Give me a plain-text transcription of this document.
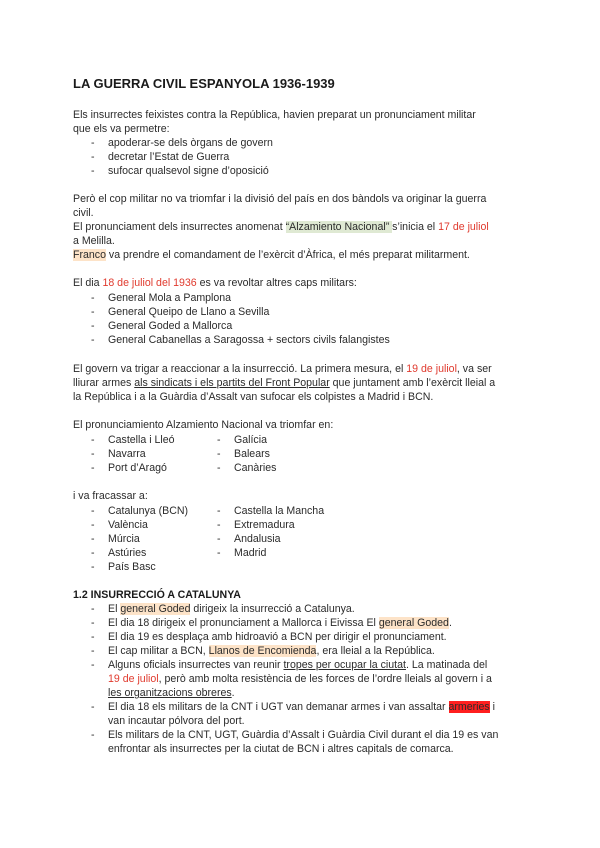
LA GUERRA CIVIL ESPANYOLA 1936-1939

Els insurrectes feixistes contra la República, havien preparat un pronunciament militar

que els va permetre:

- apoderar-se dels òrgans de govern
- decretar l’Estat de Guerra
- sufocar qualsevol signe d’oposició

Però el cop militar no va triomfar i la divisió del país en dos bàndols va originar la guerra

civil.

El pronunciament dels insurrectes anomenat “Alzamiento Nacional” s’inicia el 17 de juliol

a Melilla.

Franco va prendre el comandament de l’exèrcit d’Àfrica, el més preparat militarment.

El dia 18 de juliol del 1936 es va revoltar altres caps militars:

- General Mola a Pamplona
- General Queipo de Llano a Sevilla
- General Goded a Mallorca
- General Cabanellas a Saragossa + sectors civils falangistes

El govern va trigar a reaccionar a la insurrecció. La primera mesura, el 19 de juliol, va ser

lliurar armes als sindicats i els partits del Front Popular que juntament amb l’exèrcit lleial a

la República i a la Guàrdia d’Assalt van sufocar els colpistes a Madrid i BCN.

El pronunciamiento Alzamiento Nacional va triomfar en:

- Castella i Lleó	- Galícia
- Navarra	- Balears
- Port d’Aragó	- Canàries

i va fracassar a:

- Catalunya (BCN)	- Castella la Mancha
- València	- Extremadura
- Múrcia	- Andalusia
- Astúries	- Madrid
- País Basc
1.2 INSURRECCIÓ A CATALUNYA
- El general Goded dirigeix la insurrecció a Catalunya.
- El dia 18 dirigeix el pronunciament a Mallorca i Eivissa El general Goded.
- El dia 19 es desplaça amb hidroavió a BCN per dirigir el pronunciament.
- El cap militar a BCN, Llanos de Encomienda, era lleial a la República.
- Alguns oficials insurrectes van reunir tropes per ocupar la ciutat. La matinada del
19 de juliol, però amb molta resistència de les forces de l’ordre lleials al govern i a
les organitzacions obreres.
- El dia 18 els militars de la CNT i UGT van demanar armes i van assaltar armeries i
van incautar pólvora del port.
- Els militars de la CNT, UGT, Guàrdia d’Assalt i Guàrdia Civil durant el dia 19 es van
enfrontar als insurrectes per la ciutat de BCN i altres capitals de comarca.
